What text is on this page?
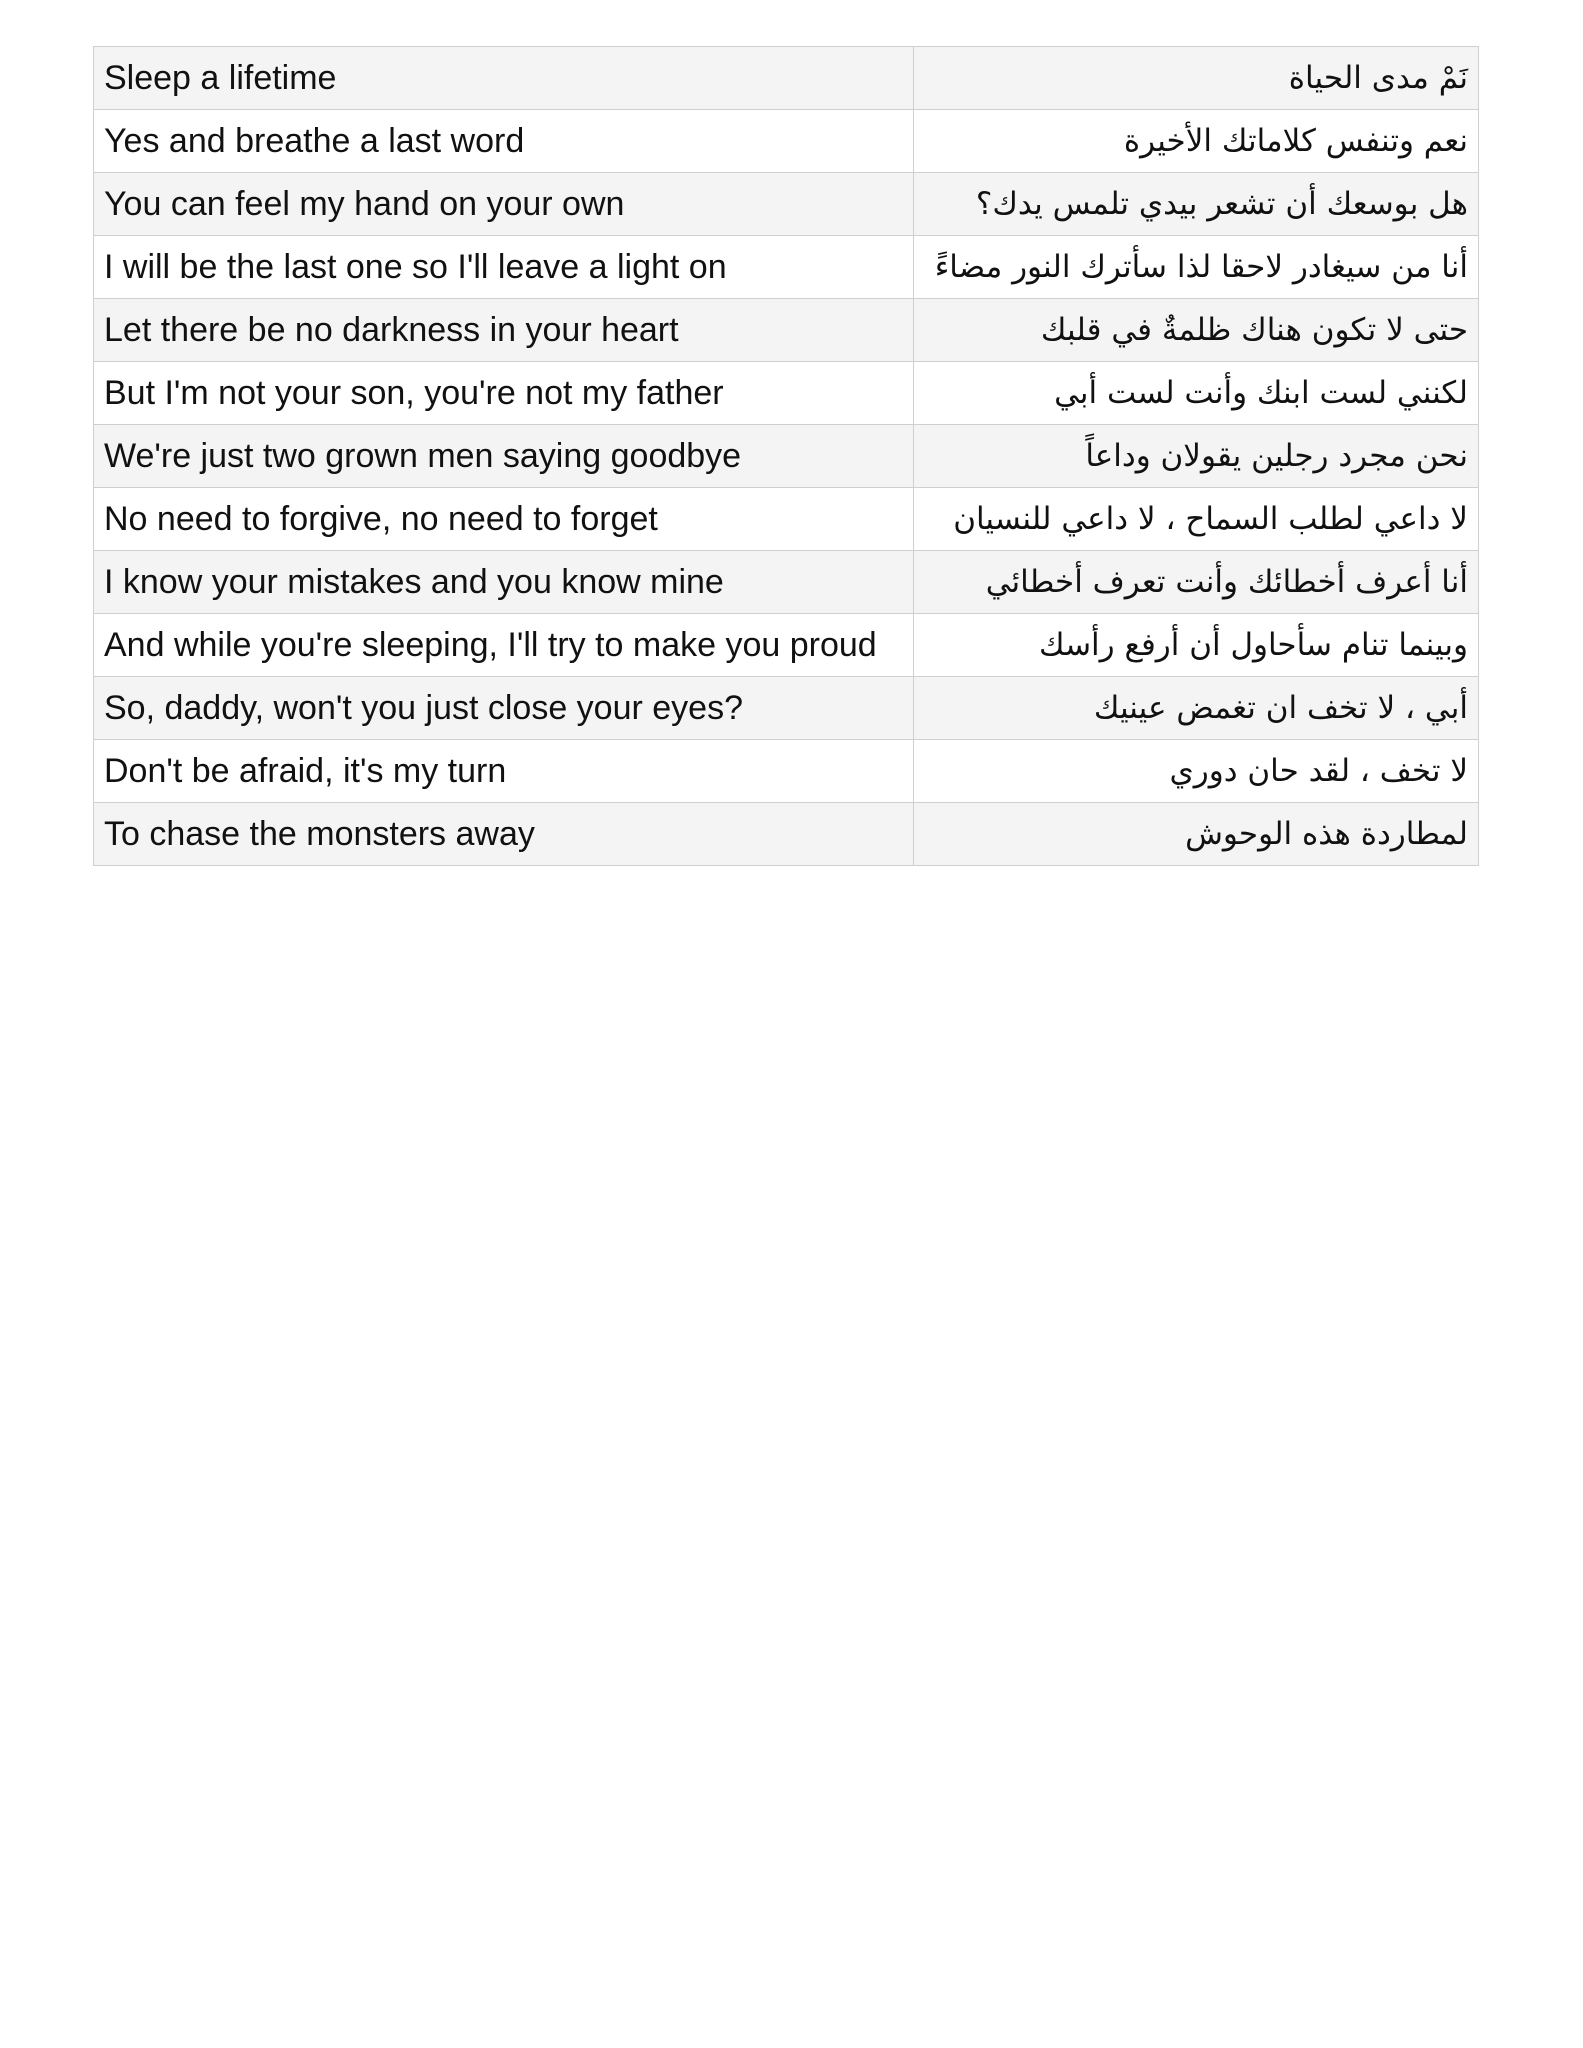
Sleep a lifetime	نَمْ مدى الحياة
Yes and breathe a last word	نعم وتنفس كلاماتك الأخيرة
You can feel my hand on your own	هل بوسعك أن تشعر بيدي تلمس يدك؟
I will be the last one so I'll leave a light on	أنا من سيغادر لاحقا لذا سأترك النور مضاءً
Let there be no darkness in your heart	حتى لا تكون هناك ظلمةٌ في قلبك
But I'm not your son, you're not my father	لكنني لست ابنك وأنت لست أبي
We're just two grown men saying goodbye	نحن مجرد رجلين يقولان وداعاً
No need to forgive, no need to forget	لا داعي لطلب السماح ، لا داعي للنسيان
I know your mistakes and you know mine	أنا أعرف أخطائك وأنت تعرف أخطائي
And while you're sleeping, I'll try to make you proud	وبينما تنام سأحاول أن أرفع رأسك
So, daddy, won't you just close your eyes?	أبي ، لا تخف ان تغمض عينيك
Don't be afraid, it's my turn	لا تخف ، لقد حان دوري
To chase the monsters away	لمطاردة هذه الوحوش
